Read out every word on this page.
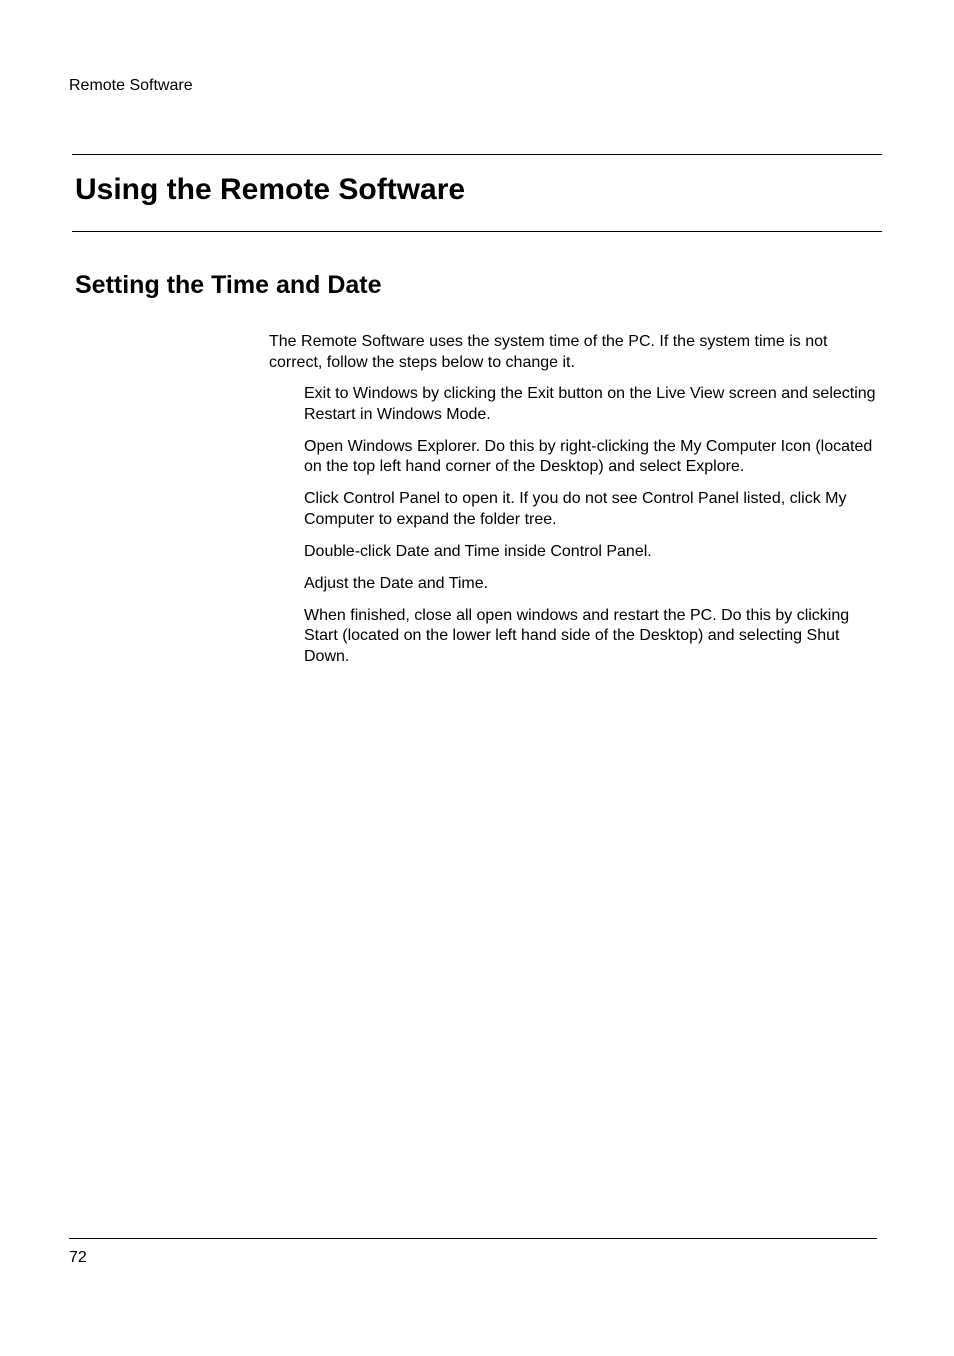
Remote Software
Using the Remote Software
Setting the Time and Date

The Remote Software uses the system time of the PC. If the system time is not correct, follow the steps below to change it.

Exit to Windows by clicking the Exit button on the Live View screen and selecting Restart in Windows Mode.
Open Windows Explorer. Do this by right-clicking the My Computer Icon (located on the top left hand corner of the Desktop) and select Explore.
Click Control Panel to open it. If you do not see Control Panel listed, click My Computer to expand the folder tree.
Double-click Date and Time inside Control Panel.
Adjust the Date and Time.
When finished, close all open windows and restart the PC. Do this by clicking Start (located on the lower left hand side of the Desktop) and selecting Shut Down.
72
